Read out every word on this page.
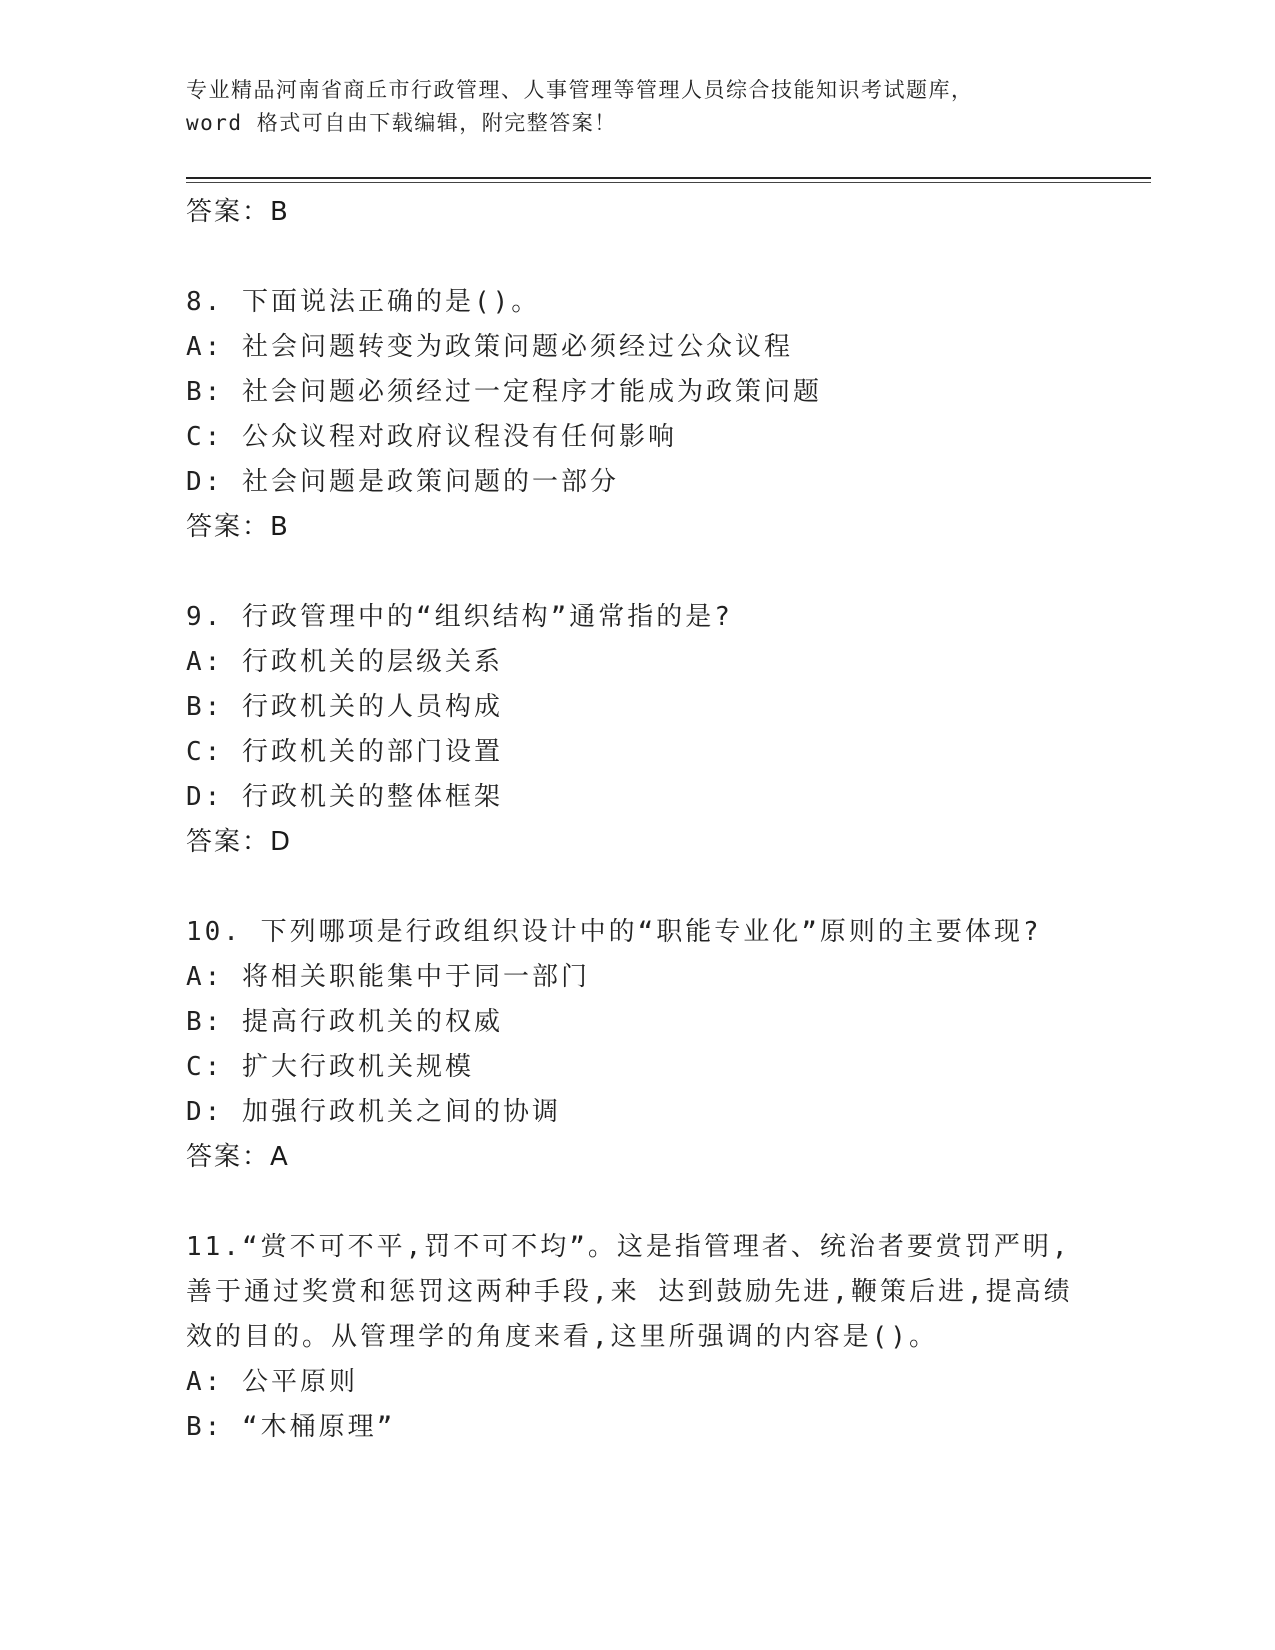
专业精品河南省商丘市行政管理、人事管理等管理人员综合技能知识考试题库，
word 格式可自由下载编辑，附完整答案！
答案：B
8. 下面说法正确的是()。
A: 社会问题转变为政策问题必须经过公众议程
B: 社会问题必须经过一定程序才能成为政策问题
C: 公众议程对政府议程没有任何影响
D: 社会问题是政策问题的一部分
答案：B
9. 行政管理中的“组织结构”通常指的是?
A: 行政机关的层级关系
B: 行政机关的人员构成
C: 行政机关的部门设置
D: 行政机关的整体框架
答案：D
10. 下列哪项是行政组织设计中的“职能专业化”原则的主要体现?
A: 将相关职能集中于同一部门
B: 提高行政机关的权威
C: 扩大行政机关规模
D: 加强行政机关之间的协调
答案：A
11.“赏不可不平,罚不可不均”。这是指管理者、统治者要赏罚严明,
善于通过奖赏和惩罚这两种手段,来 达到鼓励先进,鞭策后进,提高绩
效的目的。从管理学的角度来看,这里所强调的内容是()。
A: 公平原则
B: “木桶原理”
